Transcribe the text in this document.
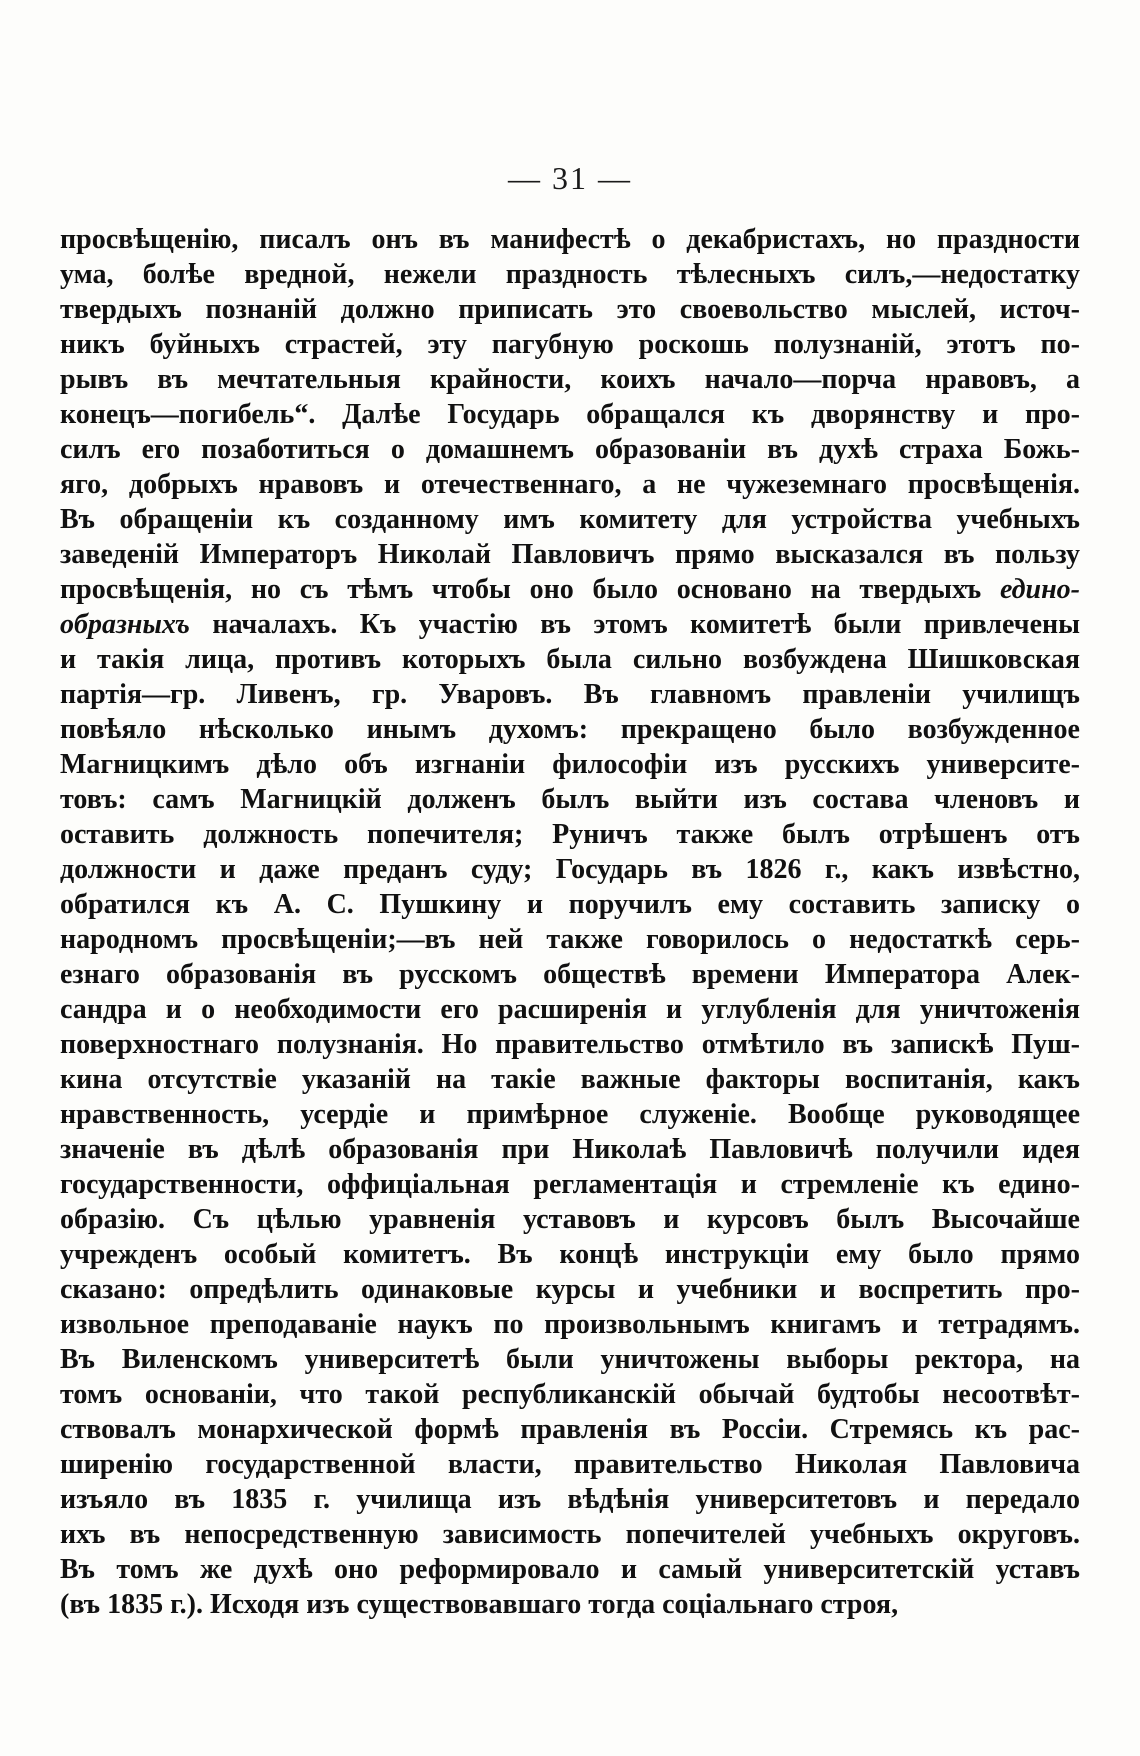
— 31 —
просвѣщенію, писалъ онъ въ манифестѣ о декабристахъ, но праздности
ума, болѣе вредной, нежели праздность тѣлесныхъ силъ,—недостатку
твердыхъ познаній должно приписать это своевольство мыслей, источ-
никъ буйныхъ страстей, эту пагубную роскошь полузнаній, этотъ по-
рывъ въ мечтательныя крайности, коихъ начало—порча нравовъ, а
конецъ—погибель“. Далѣе Государь обращался къ дворянству и про-
силъ его позаботиться о домашнемъ образованіи въ духѣ страха Божь-
яго, добрыхъ нравовъ и отечественнаго, а не чужеземнаго просвѣщенія.
Въ обращеніи къ созданному имъ комитету для устройства учебныхъ
заведеній Императоръ Николай Павловичъ прямо высказался въ пользу
просвѣщенія, но съ тѣмъ чтобы оно было основано на твердыхъ едино-
образныхъ началахъ. Къ участію въ этомъ комитетѣ были привлечены
и такія лица, противъ которыхъ была сильно возбуждена Шишковская
партія—гр. Ливенъ, гр. Уваровъ. Въ главномъ правленіи училищъ
повѣяло нѣсколько инымъ духомъ: прекращено было возбужденное
Магницкимъ дѣло объ изгнаніи философіи изъ русскихъ университе-
товъ: самъ Магницкій долженъ былъ выйти изъ состава членовъ и
оставить должность попечителя; Руничъ также былъ отрѣшенъ отъ
должности и даже преданъ суду; Государь въ 1826 г., какъ извѣстно,
обратился къ А. С. Пушкину и поручилъ ему составить записку о
народномъ просвѣщеніи;—въ ней также говорилось о недостаткѣ серь-
езнаго образованія въ русскомъ обществѣ времени Императора Алек-
сандра и о необходимости его расширенія и углубленія для уничтоженія
поверхностнаго полузнанія. Но правительство отмѣтило въ запискѣ Пуш-
кина отсутствіе указаній на такіе важные факторы воспитанія, какъ
нравственность, усердіе и примѣрное служеніе. Вообще руководящее
значеніе въ дѣлѣ образованія при Николаѣ Павловичѣ получили идея
государственности, оффиціальная регламентація и стремленіе къ едино-
образію. Съ цѣлью уравненія уставовъ и курсовъ былъ Высочайше
учрежденъ особый комитетъ. Въ концѣ инструкціи ему было прямо
сказано: опредѣлить одинаковые курсы и учебники и воспретить про-
извольное преподаваніе наукъ по произвольнымъ книгамъ и тетрадямъ.
Въ Виленскомъ университетѣ были уничтожены выборы ректора, на
томъ основаніи, что такой республиканскій обычай будтобы несоотвѣт-
ствовалъ монархической формѣ правленія въ Россіи. Стремясь къ рас-
ширенію государственной власти, правительство Николая Павловича
изъяло въ 1835 г. училища изъ вѣдѣнія университетовъ и передало
ихъ въ непосредственную зависимость попечителей учебныхъ округовъ.
Въ томъ же духѣ оно реформировало и самый университетскій уставъ
(въ 1835 г.). Исходя изъ существовавшаго тогда соціальнаго строя,
